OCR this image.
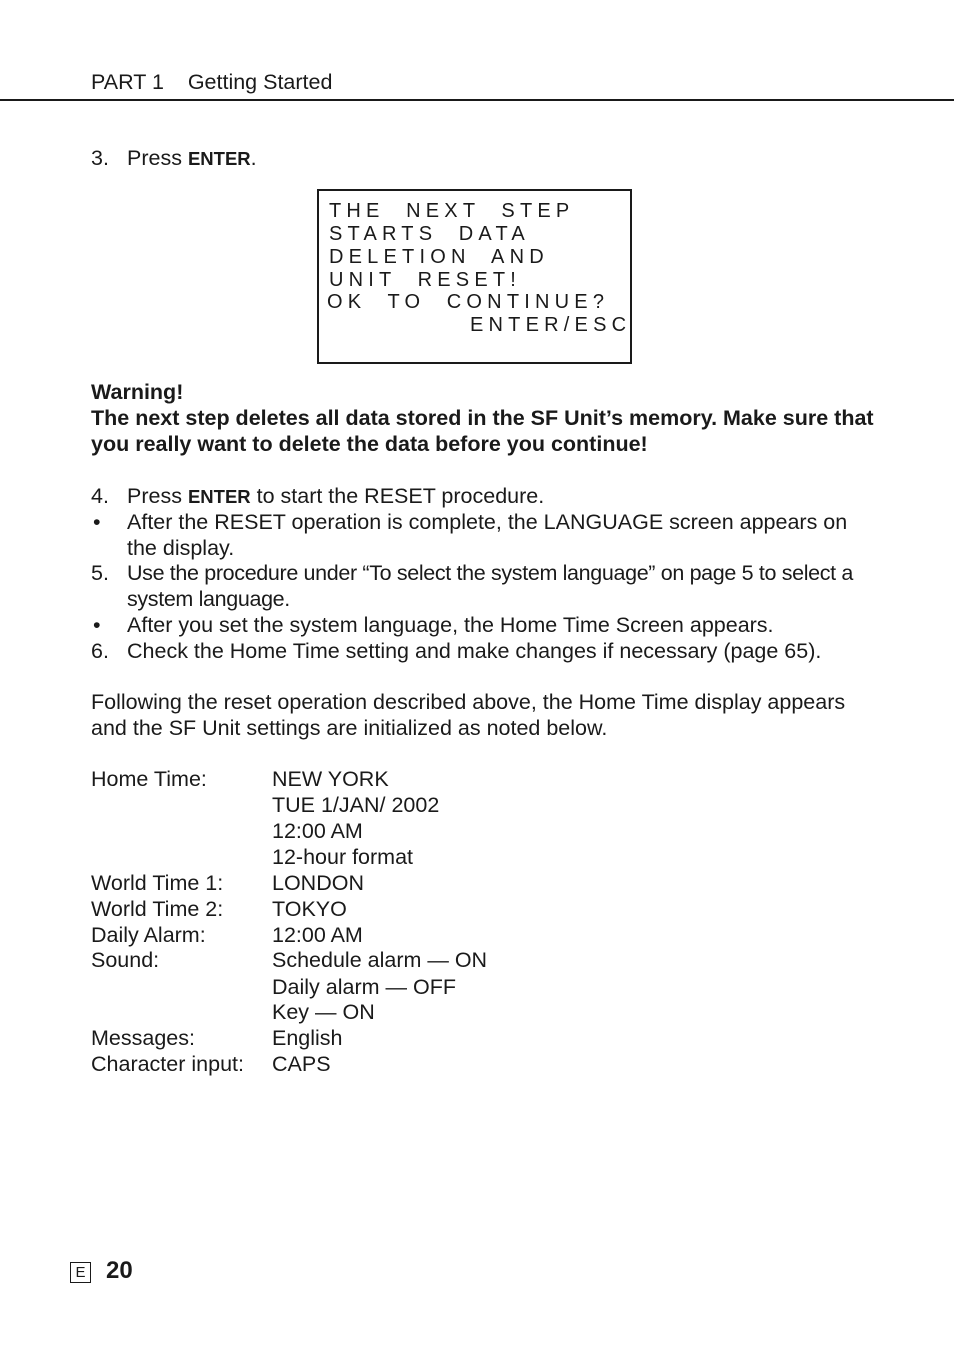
PART 1 Getting Started
3. Press ENTER.
THE  NEXT  STEP
STARTS  DATA
DELETION  AND
UNIT  RESET!
OK  TO  CONTINUE?
ENTER/ESC
Warning!
The next step deletes all data stored in the SF Unit’s memory. Make sure that you really want to delete the data before you continue!
4. Press ENTER to start the RESET procedure.
• After the RESET operation is complete, the LANGUAGE screen appears on the display.
5. Use the procedure under “To select the system language” on page 5 to select a system language.
• After you set the system language, the Home Time Screen appears.
6. Check the Home Time setting and make changes if necessary (page 65).
Following the reset operation described above, the Home Time display appears and the SF Unit settings are initialized as noted below.
Home Time:	NEW YORK
TUE 1/JAN/ 2002
12:00 AM
12-hour format
World Time 1: LONDON
World Time 2: TOKYO
Daily Alarm:	12:00 AM
Sound:	Schedule alarm — ON
Daily alarm — OFF
Key — ON
Messages:	English
Character input: CAPS
E 20
